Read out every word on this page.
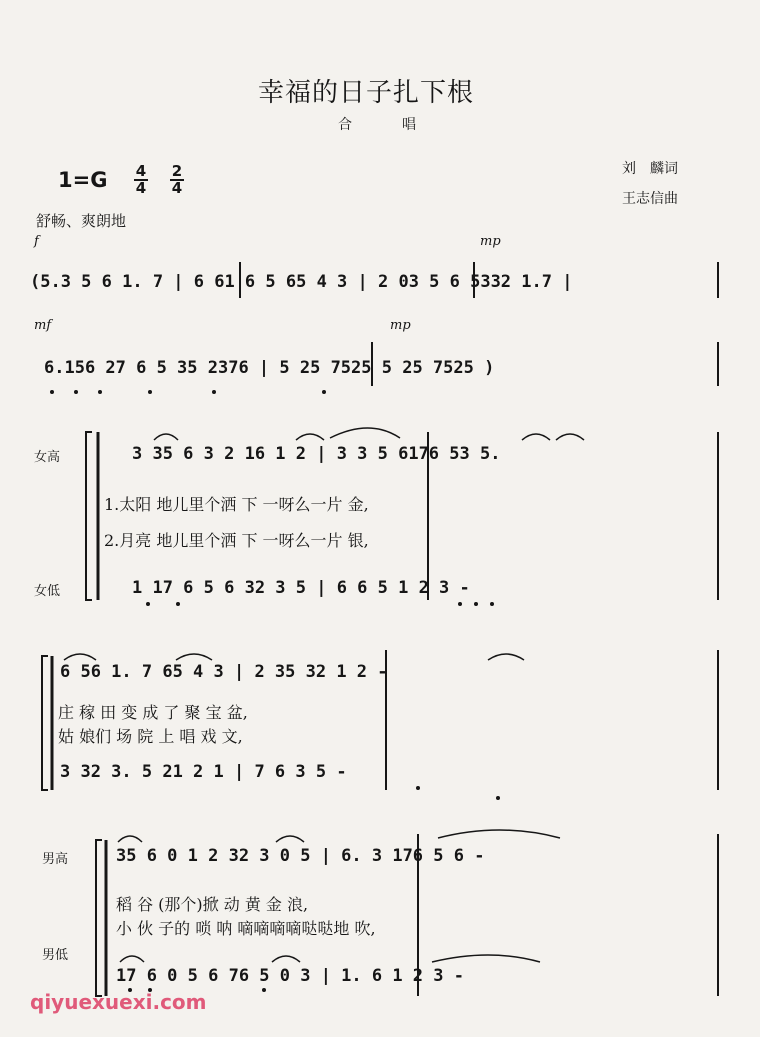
幸福的日子扎下根
合　唱
刘　麟词
王志信曲
$1=G \frac{4}{4} \frac{2}{4}$
舒畅、爽朗地
f	mp
mf	mp
(5.3 5 6 1. 7 | 6 61 6 5 65 4 3 | 2 03 5 6 5332 1.7 |
6.156 27 6 5 35 2376 | 5 25 7525 5 25 7525 )
女高
女低
3 35 6 3 2 16 1 2 | 3 3 5 6176 53 5.
1.太阳 地儿里个洒 下 一呀么一片 金,
2.月亮 地儿里个洒 下 一呀么一片 银,
1 17 6 5 6 32 3 5 | 6 6 5 1 2 3 -
6 56 1. 7 65 4 3 | 2 35 32 1 2 -
庄 稼 田 变 成 了 聚 宝 盆,
姑 娘们 场 院 上 唱 戏 文,
3 32 3. 5 21 2 1 | 7 6 3 5 -
男高
男低
35 6 0 1 2 32 3 0 5 | 6. 3 176 5 6 -
稻 谷 (那个)掀 动 黄 金 浪,
小 伙 子的 唢 呐 嘀嘀嘀嘀哒哒地 吹,
17 6 0 5 6 76 5 0 3 | 1. 6 1 2 3 -
qiyuexuexi.com
